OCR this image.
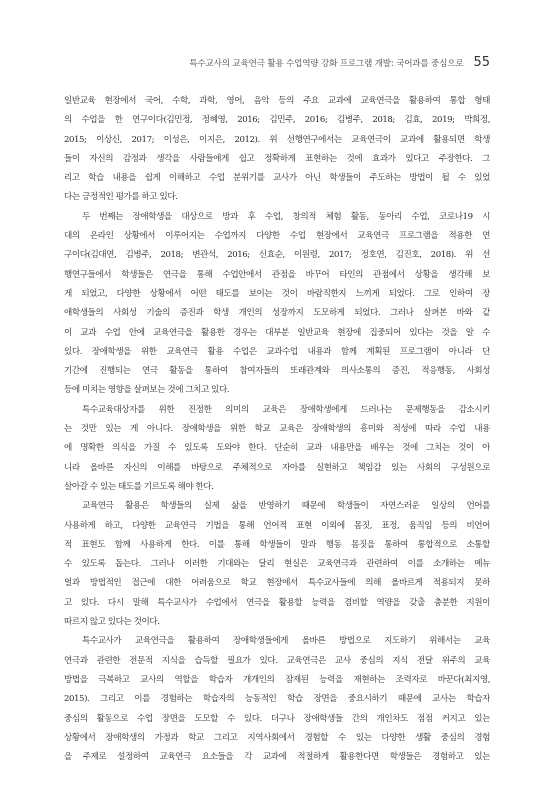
특수교사의 교육연극 활용 수업역량 강화 프로그램 개발: 국어과를 중심으로 55
일반교육 현장에서 국어, 수학, 과학, 영어, 음악 등의 주요 교과에 교육연극을 활용하여 통합 형태
의 수업을 한 연구이다(김민정, 정혜영, 2016; 김민주, 2016; 김병주, 2018; 김효, 2019; 박희정,
2015; 이상신, 2017; 이성은, 이지은, 2012). 위 선행연구에서는 교육연극이 교과에 활용되면 학생
들이 자신의 감정과 생각을 사람들에게 쉽고 정확하게 표현하는 것에 효과가 있다고 주장한다. 그
리고 학습 내용을 쉽게 이해하고 수업 분위기를 교사가 아닌 학생들이 주도하는 방법이 될 수 있었
다는 긍정적인 평가를 하고 있다.
두 번째는 장애학생을 대상으로 방과 후 수업, 창의적 체험 활동, 동아리 수업, 코로나19 시
대의 온라인 상황에서 이루어지는 수업까지 다양한 수업 현장에서 교육연극 프로그램을 적용한 연
구이다(김대연, 김병주, 2018; 변관석, 2016; 신효순, 이원령, 2017; 정호연, 김진호, 2018). 위 선
행연구들에서 학생들은 연극을 통해 수업안에서 관점을 바꾸어 타인의 관점에서 상황을 생각해 보
게 되었고, 다양한 상황에서 어떤 태도를 보이는 것이 바람직한지 느끼게 되었다. 그로 인하여 장
애학생들의 사회성 기술의 증진과 학생 개인의 성장까지 도모하게 되었다. 그러나 살펴본 바와 같
이 교과 수업 안에 교육연극을 활용한 경우는 대부분 일반교육 현장에 집중되어 있다는 것을 알 수
있다. 장애학생을 위한 교육연극 활용 수업은 교과수업 내용과 함께 계획된 프로그램이 아니라 단
기간에 진행되는 연극 활동을 통하여 참여자들의 또래관계와 의사소통의 증진, 적응행동, 사회성
등에 미치는 영향을 살펴보는 것에 그치고 있다.
특수교육대상자를 위한 진정한 의미의 교육은 장애학생에게 드러나는 문제행동을 감소시키
는 것만 있는 게 아니다. 장애학생을 위한 학교 교육은 장애학생의 흥미와 적성에 따라 수업 내용
에 명확한 의식을 가질 수 있도록 도와야 한다. 단순히 교과 내용만을 배우는 것에 그치는 것이 아
니라 올바른 자신의 이해를 바탕으로 주체적으로 자아를 실현하고 책임감 있는 사회의 구성원으로
살아갈 수 있는 태도를 기르도록 해야 한다.
교육연극 활용은 학생들의 실제 삶을 반영하기 때문에 학생들이 자연스러운 일상의 언어를
사용하게 하고, 다양한 교육연극 기법을 통해 언어적 표현 이외에 몸짓, 표정, 움직임 등의 비언어
적 표현도 함께 사용하게 한다. 이를 통해 학생들이 말과 행동 몸짓을 통하여 통합적으로 소통할
수 있도록 돕는다. 그러나 이러한 기대와는 달리 현실은 교육연극과 관련하여 이를 소개하는 메뉴
얼과 방법적인 접근에 대한 어려움으로 학교 현장에서 특수교사들에 의해 올바르게 적용되지 못하
고 있다. 다시 말해 특수교사가 수업에서 연극을 활용할 능력을 겸비할 역량을 갖출 충분한 지원이
따르지 않고 있다는 것이다.
특수교사가 교육연극을 활용하여 장애학생들에게 올바른 방법으로 지도하기 위해서는 교육
연극과 관련한 전문적 지식을 습득할 필요가 있다. 교육연극은 교사 중심의 지식 전달 위주의 교육
방법을 극복하고 교사의 역할을 학습자 개개인의 잠재된 능력을 재현하는 조력자로 바꾼다(최지영,
2015). 그리고 이를 경험하는 학습자의 능동적인 학습 장면을 중요시하기 때문에 교사는 학습자
중심의 활동으로 수업 장면을 도모할 수 있다. 더구나 장애학생들 간의 개인차도 점점 커지고 있는
상황에서 장애학생의 가정과 학교 그리고 지역사회에서 경험할 수 있는 다양한 생활 중심의 경험
을 주제로 설정하여 교육연극 요소들을 각 교과에 적절하게 활용한다면 학생들은 경험하고 있는
